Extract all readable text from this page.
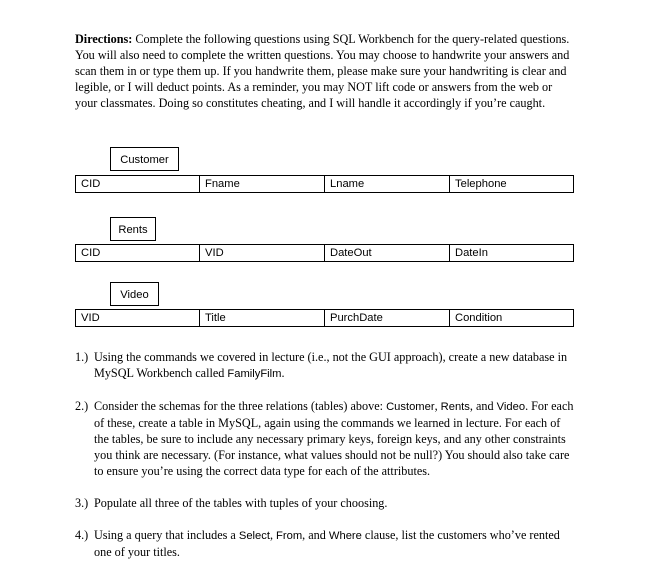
Directions: Complete the following questions using SQL Workbench for the query-related questions. You will also need to complete the written questions. You may choose to handwrite your answers and scan them in or type them up. If you handwrite them, please make sure your handwriting is clear and legible, or I will deduct points. As a reminder, you may NOT lift code or answers from the web or your classmates. Doing so constitutes cheating, and I will handle it accordingly if you’re caught.
Customer
CID	Fname	Lname	Telephone
Rents
CID	VID	DateOut	DateIn
Video
VID	Title	PurchDate	Condition
1.) Using the commands we covered in lecture (i.e., not the GUI approach), create a new database in MySQL Workbench called FamilyFilm.
2.) Consider the schemas for the three relations (tables) above: Customer, Rents, and Video. For each of these, create a table in MySQL, again using the commands we learned in lecture. For each of the tables, be sure to include any necessary primary keys, foreign keys, and any other constraints you think are necessary. (For instance, what values should not be null?) You should also take care to ensure you’re using the correct data type for each of the attributes.
3.) Populate all three of the tables with tuples of your choosing.
4.) Using a query that includes a Select, From, and Where clause, list the customers who’ve rented one of your titles.
